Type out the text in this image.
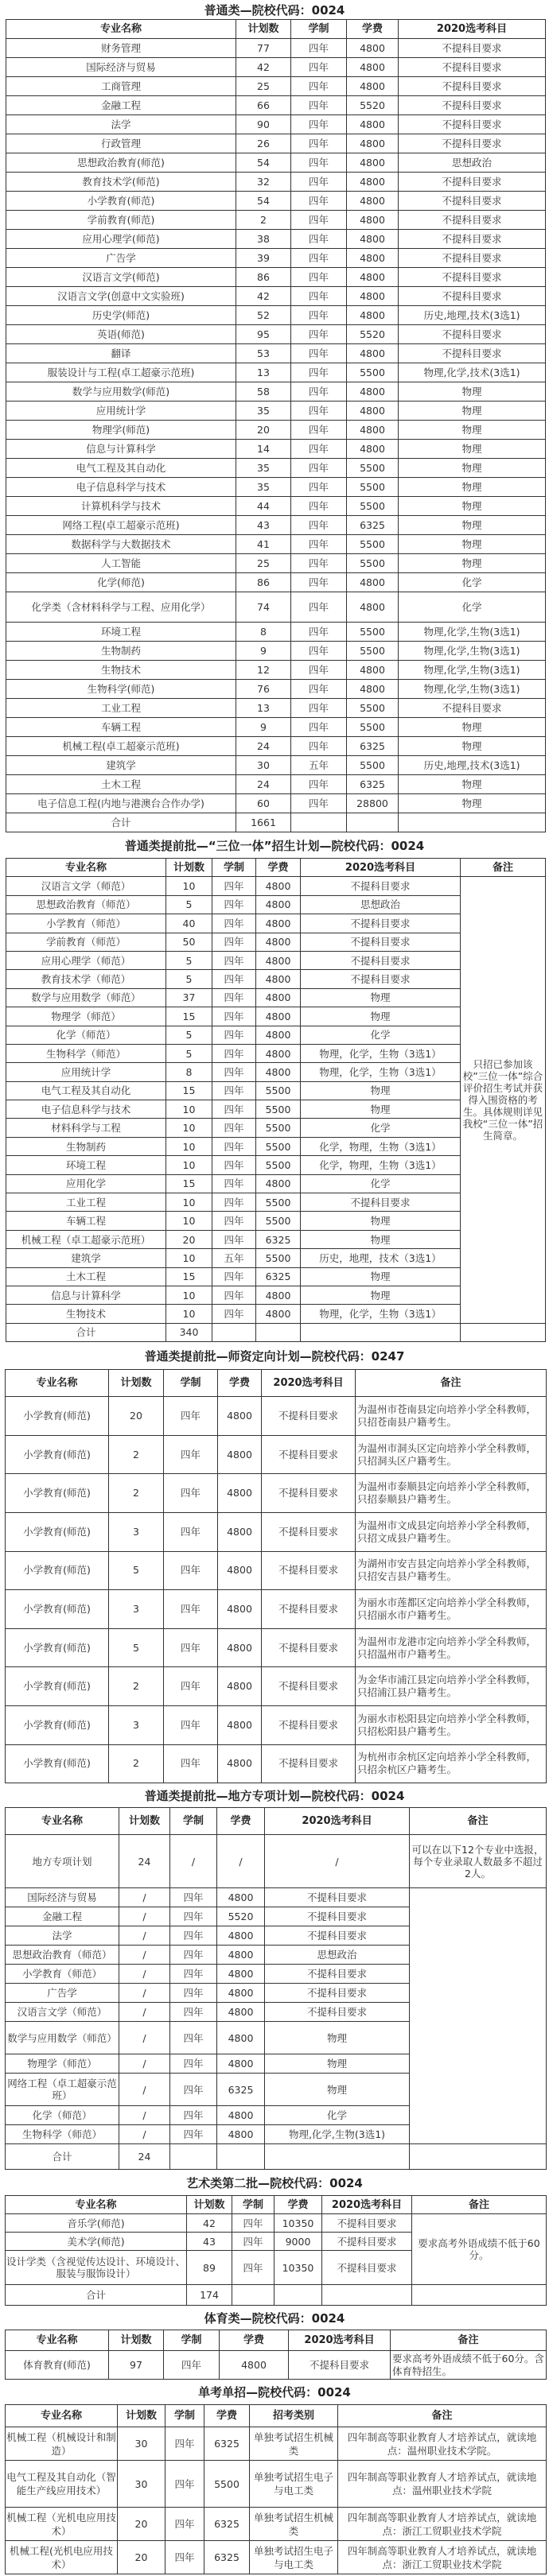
普通类—院校代码：0024
专业名称	计划数	学制	学费	2020选考科目
财务管理	77	四年	4800	不提科目要求
国际经济与贸易	42	四年	4800	不提科目要求
工商管理	25	四年	4800	不提科目要求
金融工程	66	四年	5520	不提科目要求
法学	90	四年	4800	不提科目要求
行政管理	26	四年	4800	不提科目要求
思想政治教育(师范)	54	四年	4800	思想政治
教育技术学(师范)	32	四年	4800	不提科目要求
小学教育(师范)	54	四年	4800	不提科目要求
学前教育(师范)	2	四年	4800	不提科目要求
应用心理学(师范)	38	四年	4800	不提科目要求
广告学	39	四年	4800	不提科目要求
汉语言文学(师范)	86	四年	4800	不提科目要求
汉语言文学(创意中文实验班)	42	四年	4800	不提科目要求
历史学(师范)	52	四年	4800	历史,地理,技术(3选1)
英语(师范)	95	四年	5520	不提科目要求
翻译	53	四年	4800	不提科目要求
服装设计与工程(卓工超豪示范班)	13	四年	5500	物理,化学,技术(3选1)
数学与应用数学(师范)	58	四年	4800	物理
应用统计学	35	四年	4800	物理
物理学(师范)	20	四年	4800	物理
信息与计算科学	14	四年	4800	物理
电气工程及其自动化	35	四年	5500	物理
电子信息科学与技术	35	四年	5500	物理
计算机科学与技术	44	四年	5500	物理
网络工程(卓工超豪示范班)	43	四年	6325	物理
数据科学与大数据技术	41	四年	5500	物理
人工智能	25	四年	5500	物理
化学(师范)	86	四年	4800	化学
化学类（含材料科学与工程、应用化学）	74	四年	4800	化学
环境工程	8	四年	5500	物理,化学,生物(3选1)
生物制药	9	四年	5500	物理,化学,生物(3选1)
生物技术	12	四年	4800	物理,化学,生物(3选1)
生物科学(师范)	76	四年	4800	物理,化学,生物(3选1)
工业工程	13	四年	5500	不提科目要求
车辆工程	9	四年	5500	物理
机械工程(卓工超豪示范班)	24	四年	6325	物理
建筑学	30	五年	5500	历史,地理,技术(3选1)
土木工程	24	四年	6325	物理
电子信息工程(内地与港澳台合作办学)	60	四年	28800	物理
合计	1661			
普通类提前批—“三位一体”招生计划—院校代码：0024
专业名称	计划数	学制	学费	2020选考科目	备注
汉语言文学（师范）	10	四年	4800	不提科目要求	只招已参加该校”三位一体”综合评价招生考试并获得入围资格的考生。具体规则详见我校“三位一体”招生简章。
思想政治教育（师范）	5	四年	4800	思想政治	
小学教育（师范）	40	四年	4800	不提科目要求	
学前教育（师范）	50	四年	4800	不提科目要求	
应用心理学（师范）	5	四年	4800	不提科目要求	
教育技术学（师范）	5	四年	4800	不提科目要求	
数学与应用数学（师范）	37	四年	4800	物理	
物理学（师范）	15	四年	4800	物理	
化学（师范）	5	四年	4800	化学	
生物科学（师范）	5	四年	4800	物理，化学，生物（3选1）	
应用统计学	8	四年	4800	物理，化学，生物（3选1）	
电气工程及其自动化	15	四年	5500	物理	
电子信息科学与技术	10	四年	5500	物理	
材料科学与工程	10	四年	5500	化学	
生物制药	10	四年	5500	化学，物理，生物（3选1）	
环境工程	10	四年	5500	化学，物理，生物（3选1）	
应用化学	15	四年	4800	化学	
工业工程	10	四年	5500	不提科目要求	
车辆工程	10	四年	5500	物理	
机械工程（卓工超豪示范班）	20	四年	6325	物理	
建筑学	10	五年	5500	历史，地理，技术（3选1）	
土木工程	15	四年	6325	物理	
信息与计算科学	10	四年	4800	物理	
生物技术	10	四年	4800	物理，化学，生物（3选1）	
合计	340				
普通类提前批—师资定向计划—院校代码：0247
专业名称	计划数	学制	学费	2020选考科目	备注
小学教育(师范)	20	四年	4800	不提科目要求	为温州市苍南县定向培养小学全科教师，只招苍南县户籍考生。
小学教育(师范)	2	四年	4800	不提科目要求	为温州市洞头区定向培养小学全科教师，只招洞头区户籍考生。
小学教育(师范)	2	四年	4800	不提科目要求	为温州市泰顺县定向培养小学全科教师，只招泰顺县户籍考生。
小学教育(师范)	3	四年	4800	不提科目要求	为温州市文成县定向培养小学全科教师，只招文成县户籍考生。
小学教育(师范)	5	四年	4800	不提科目要求	为湖州市安吉县定向培养小学全科教师，只招安吉县户籍考生。
小学教育(师范)	3	四年	4800	不提科目要求	为丽水市莲都区定向培养小学全科教师，只招丽水市户籍考生。
小学教育(师范)	5	四年	4800	不提科目要求	为温州市龙港市定向培养小学全科教师，只招温州市户籍考生。
小学教育(师范)	2	四年	4800	不提科目要求	为金华市浦江县定向培养小学全科教师，只招浦江县户籍考生。
小学教育(师范)	3	四年	4800	不提科目要求	为丽水市松阳县定向培养小学全科教师，只招松阳县户籍考生。
小学教育(师范)	2	四年	4800	不提科目要求	为杭州市余杭区定向培养小学全科教师，只招余杭区户籍考生。
普通类提前批—地方专项计划—院校代码：0024
专业名称	计划数	学制	学费	2020选考科目	备注
地方专项计划	24	/	/	/	可以在以下12个专业中选报，每个专业录取人数最多不超过2人。
国际经济与贸易	/	四年	4800	不提科目要求	
金融工程	/	四年	5520	不提科目要求	
法学	/	四年	4800	不提科目要求	
思想政治教育（师范）	/	四年	4800	思想政治	
小学教育（师范）	/	四年	4800	不提科目要求	
广告学	/	四年	4800	不提科目要求	
汉语言文学（师范）	/	四年	4800	不提科目要求	
数学与应用数学（师范）	/	四年	4800	物理	
物理学（师范）	/	四年	4800	物理	
网络工程（卓工超豪示范班）	/	四年	6325	物理	
化学（师范）	/	四年	4800	化学	
生物科学（师范）	/	四年	4800	物理,化学,生物(3选1)	
合计	24				
艺术类第二批—院校代码：0024
专业名称	计划数	学制	学费	2020选考科目	备注
音乐学(师范)	42	四年	10350	不提科目要求	要求高考外语成绩不低于60分。
美术学(师范)	43	四年	9000	不提科目要求	
设计学类（含视觉传达设计、环境设计、服装与服饰设计）	89	四年	10350	不提科目要求	
合计	174				
体育类—院校代码：0024
专业名称	计划数	学制	学费	2020选考科目	备注
体育教育(师范)	97	四年	4800	不提科目要求	要求高考外语成绩不低于60分。含体育特招生。
单考单招—院校代码：0024
专业名称	计划数	学制	学费	招考类别	备注
机械工程（机械设计和制造）	30	四年	6325	单独考试招生机械类	四年制高等职业教育人才培养试点，就读地点：温州职业技术学院。
电气工程及其自动化（智能生产线应用技术）	30	四年	5500	单独考试招生电子与电工类	四年制高等职业教育人才培养试点，就读地点：温州职业技术学院
机械工程（光机电应用技术）	20	四年	6325	单独考试招生机械类	四年制高等职业教育人才培养试点，就读地点：浙江工贸职业技术学院
机械工程(光机电应用技术）	20	四年	6325	单独考试招生电子与电工类	四年制高等职业教育人才培养试点，就读地点：浙江工贸职业技术学院
